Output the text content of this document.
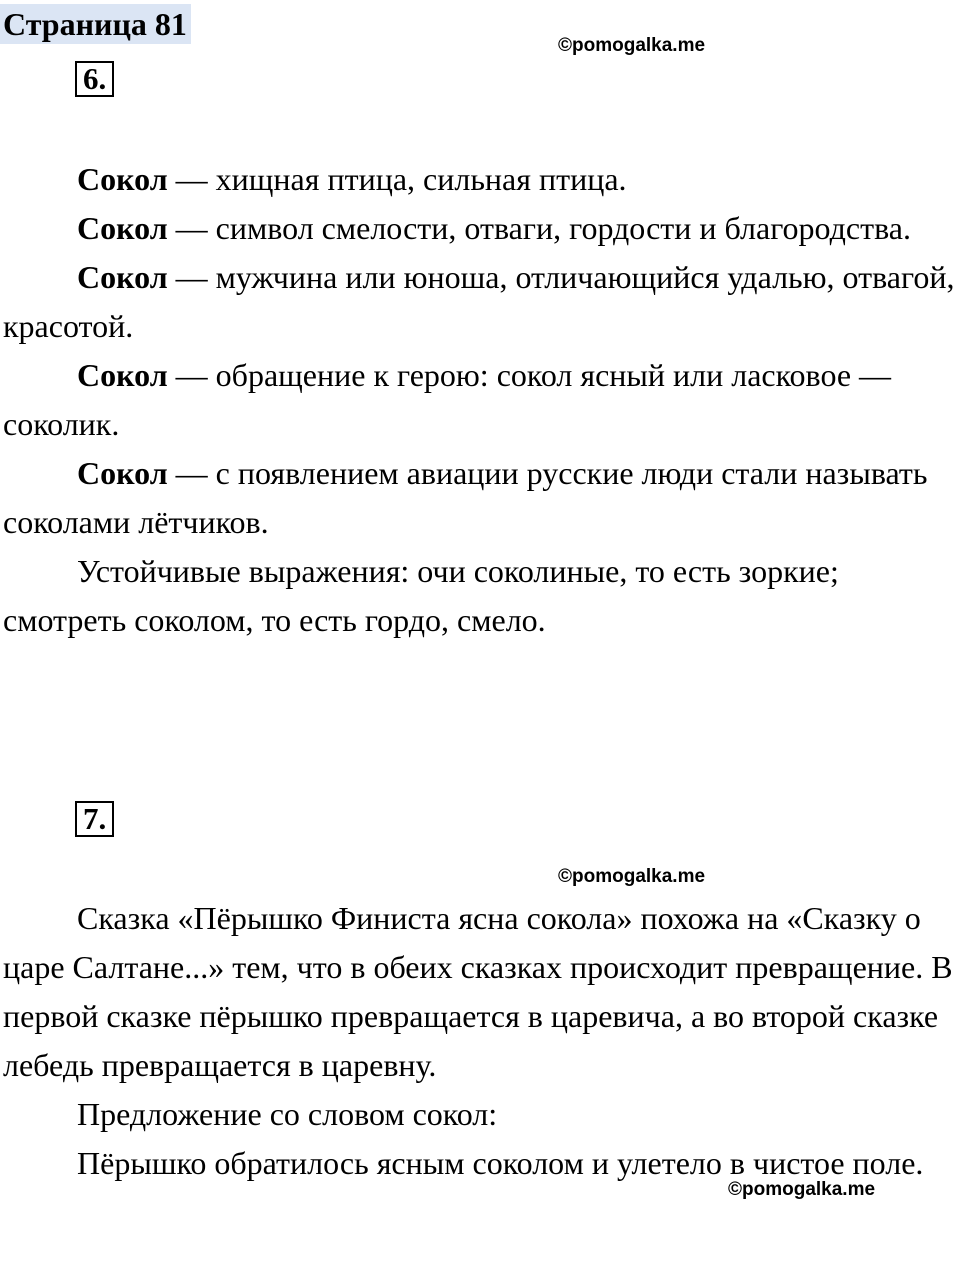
Страница 81
©pomogalka.me
6.

Сокол — хищная птица, сильная птица.

Сокол — символ смелости, отваги, гордости и благородства.

Сокол — мужчина или юноша, отличающийся удалью, отвагой, красотой.

Сокол — обращение к герою: сокол ясный или ласковое — соколик.

Сокол — с появлением авиации русские люди стали называть соколами лётчиков.

Устойчивые выражения: очи соколиные, то есть зоркие; смотреть соколом, то есть гордо, смело.

7.
©pomogalka.me

Сказка «Пёрышко Финиста ясна сокола» похожа на «Сказку о царе Салтане...» тем, что в обеих сказках происходит превращение. В первой сказке пёрышко превращается в царевича, а во второй сказке лебедь превращается в царевну.

Предложение со словом сокол:

Пёрышко обратилось ясным соколом и улетело в чистое поле.

©pomogalka.me
